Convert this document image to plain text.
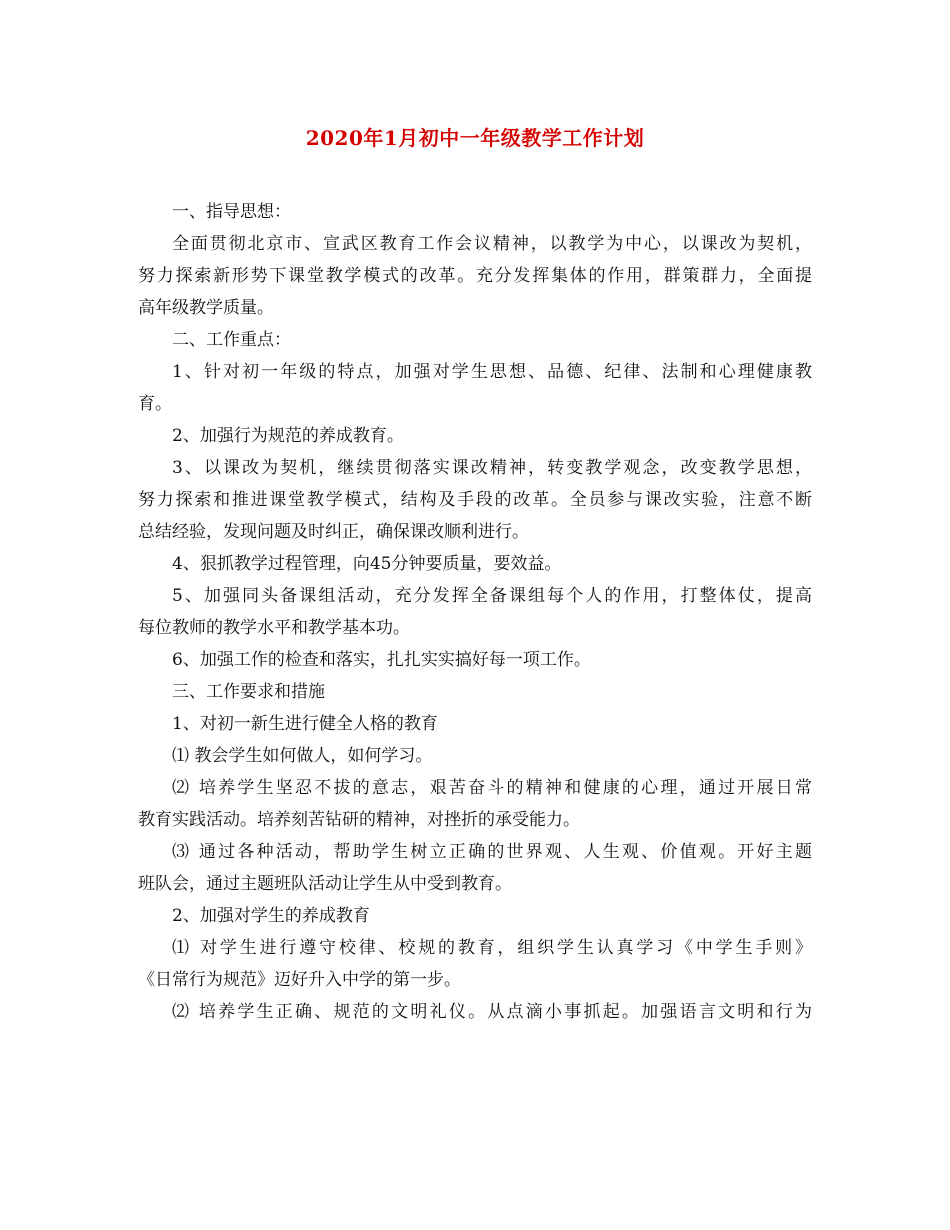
2020年1月初中一年级教学工作计划

一、指导思想：

全面贯彻北京市、宣武区教育工作会议精神，以教学为中心，以课改为契机，

努力探索新形势下课堂教学模式的改革。充分发挥集体的作用，群策群力，全面提

高年级教学质量。

二、工作重点：

1、针对初一年级的特点，加强对学生思想、品德、纪律、法制和心理健康教

育。

2、加强行为规范的养成教育。

3、以课改为契机，继续贯彻落实课改精神，转变教学观念，改变教学思想，

努力探索和推进课堂教学模式，结构及手段的改革。全员参与课改实验，注意不断

总结经验，发现问题及时纠正，确保课改顺利进行。

4、狠抓教学过程管理，向45分钟要质量，要效益。

5、加强同头备课组活动，充分发挥全备课组每个人的作用，打整体仗，提高

每位教师的教学水平和教学基本功。

6、加强工作的检查和落实，扎扎实实搞好每一项工作。

三、工作要求和措施

1、对初一新生进行健全人格的教育

⑴ 教会学生如何做人，如何学习。

⑵ 培养学生坚忍不拔的意志，艰苦奋斗的精神和健康的心理，通过开展日常

教育实践活动。培养刻苦钻研的精神，对挫折的承受能力。

⑶ 通过各种活动，帮助学生树立正确的世界观、人生观、价值观。开好主题

班队会，通过主题班队活动让学生从中受到教育。

2、加强对学生的养成教育

⑴ 对学生进行遵守校律、校规的教育，组织学生认真学习《中学生手则》

《日常行为规范》迈好升入中学的第一步。

⑵ 培养学生正确、规范的文明礼仪。从点滴小事抓起。加强语言文明和行为
